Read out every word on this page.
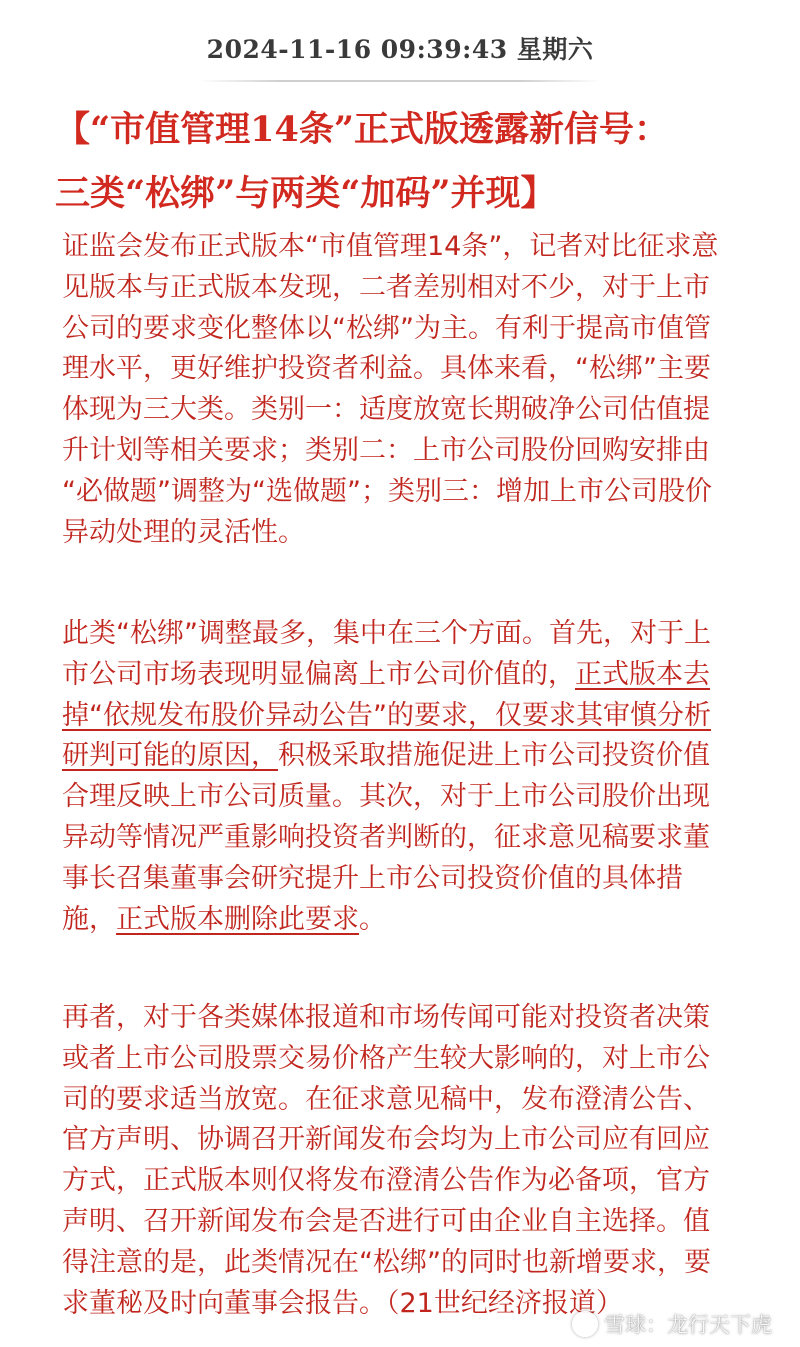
2024-11-16 09:39:43 星期六
【“市值管理14条”正式版透露新信号：
三类“松绑”与两类“加码”并现】
证监会发布正式版本“市值管理14条”，记者对比征求意
见版本与正式版本发现，二者差别相对不少，对于上市
公司的要求变化整体以“松绑”为主。有利于提高市值管
理水平，更好维护投资者利益。具体来看，“松绑”主要
体现为三大类。类别一：适度放宽长期破净公司估值提
升计划等相关要求；类别二：上市公司股份回购安排由
“必做题”调整为“选做题”；类别三：增加上市公司股价
异动处理的灵活性。
此类“松绑”调整最多，集中在三个方面。首先，对于上
市公司市场表现明显偏离上市公司价值的，正式版本去
掉“依规发布股价异动公告”的要求，仅要求其审慎分析
研判可能的原因，积极采取措施促进上市公司投资价值
合理反映上市公司质量。其次，对于上市公司股价出现
异动等情况严重影响投资者判断的，征求意见稿要求董
事长召集董事会研究提升上市公司投资价值的具体措
施，正式版本删除此要求。
再者，对于各类媒体报道和市场传闻可能对投资者决策
或者上市公司股票交易价格产生较大影响的，对上市公
司的要求适当放宽。在征求意见稿中，发布澄清公告、
官方声明、协调召开新闻发布会均为上市公司应有回应
方式，正式版本则仅将发布澄清公告作为必备项，官方
声明、召开新闻发布会是否进行可由企业自主选择。值
得注意的是，此类情况在“松绑”的同时也新增要求，要
求董秘及时向董事会报告。（21世纪经济报道）
雪球：龙行天下虎
